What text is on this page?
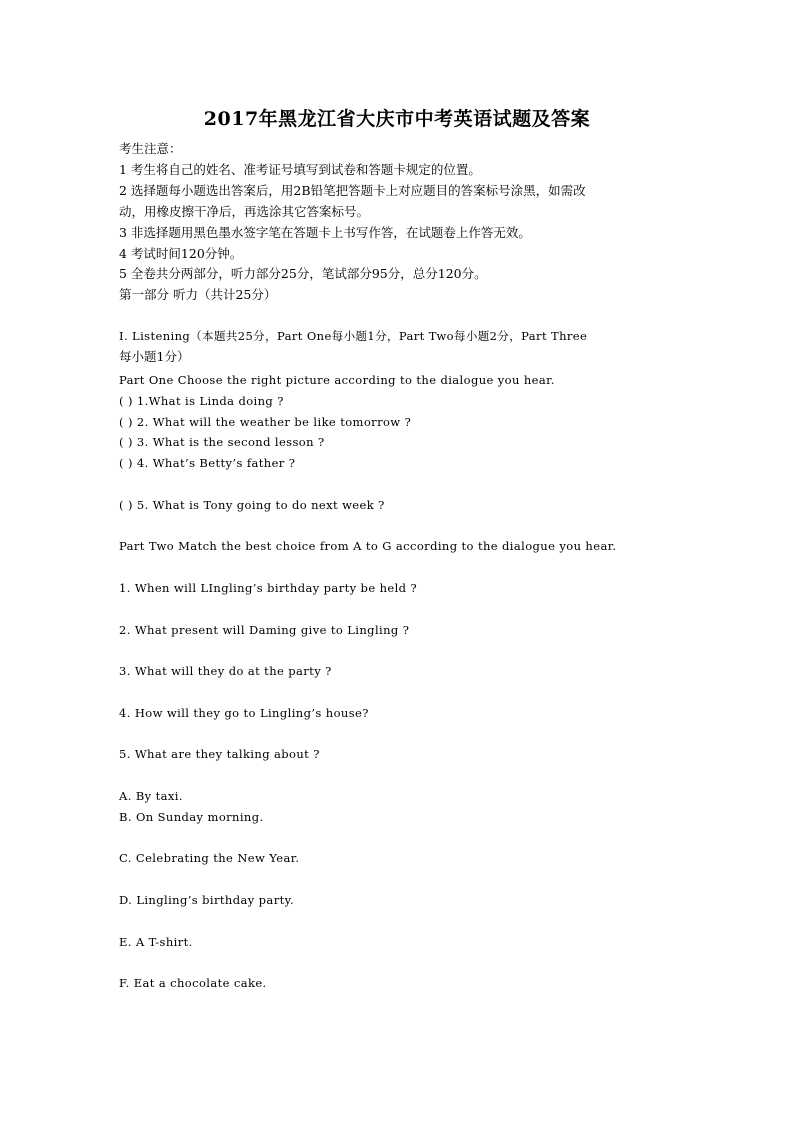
2017年黑龙江省大庆市中考英语试题及答案
考生注意：
1 考生将自己的姓名、准考证号填写到试卷和答题卡规定的位置。
2 选择题每小题选出答案后，用2B铅笔把答题卡上对应题目的答案标号涂黑，如需改
动，用橡皮擦干净后，再选涂其它答案标号。
3 非选择题用黑色墨水签字笔在答题卡上书写作答，在试题卷上作答无效。
4 考试时间120分钟。
5 全卷共分两部分，听力部分25分，笔试部分95分，总分120分。
第一部分 听力（共计25分）
I. Listening（本题共25分，Part One每小题1分，Part Two每小题2分，Part Three
每小题1分）
Part One Choose the right picture according to the dialogue you hear.
( ) 1.What is Linda doing ?
( ) 2. What will the weather be like tomorrow ?
( ) 3. What is the second lesson ?
( ) 4. What’s Betty’s father ?
( ) 5. What is Tony going to do next week ?
Part Two Match the best choice from A to G according to the dialogue you hear.
1. When will LIngling’s birthday party be held ?
2. What present will Daming give to Lingling ?
3. What will they do at the party ?
4. How will they go to Lingling’s house?
5. What are they talking about ?
A. By taxi.
B. On Sunday morning.
C. Celebrating the New Year.
D. Lingling’s birthday party.
E. A T-shirt.
F. Eat a chocolate cake.
